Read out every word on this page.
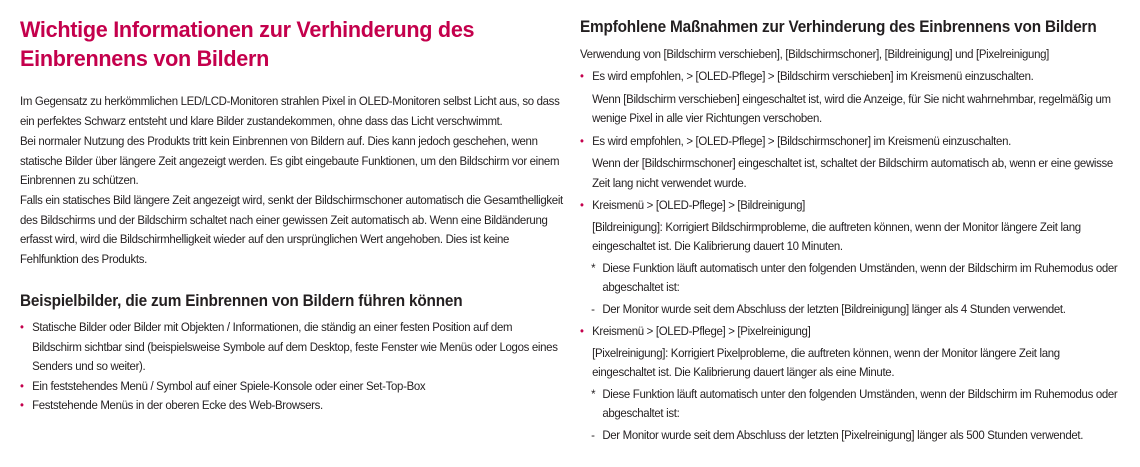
Wichtige Informationen zur Verhinderung des Einbrennens von Bildern
Im Gegensatz zu herkömmlichen LED/LCD-Monitoren strahlen Pixel in OLED-Monitoren selbst Licht aus, so dass ein perfektes Schwarz entsteht und klare Bilder zustandekommen, ohne dass das Licht verschwimmt.
Bei normaler Nutzung des Produkts tritt kein Einbrennen von Bildern auf. Dies kann jedoch geschehen, wenn statische Bilder über längere Zeit angezeigt werden. Es gibt eingebaute Funktionen, um den Bildschirm vor einem Einbrennen zu schützen.
Falls ein statisches Bild längere Zeit angezeigt wird, senkt der Bildschirmschoner automatisch die Gesamthelligkeit des Bildschirms und der Bildschirm schaltet nach einer gewissen Zeit automatisch ab. Wenn eine Bildänderung erfasst wird, wird die Bildschirmhelligkeit wieder auf den ursprünglichen Wert angehoben. Dies ist keine Fehlfunktion des Produkts.
Beispielbilder, die zum Einbrennen von Bildern führen können
• Statische Bilder oder Bilder mit Objekten / Informationen, die ständig an einer festen Position auf dem Bildschirm sichtbar sind (beispielsweise Symbole auf dem Desktop, feste Fenster wie Menüs oder Logos eines Senders und so weiter).
• Ein feststehendes Menü / Symbol auf einer Spiele-Konsole oder einer Set-Top-Box
• Feststehende Menüs in der oberen Ecke des Web-Browsers.
Empfohlene Maßnahmen zur Verhinderung des Einbrennens von Bildern
Verwendung von [Bildschirm verschieben], [Bildschirmschoner], [Bildreinigung] und [Pixelreinigung]
• Es wird empfohlen, > [OLED-Pflege] > [Bildschirm verschieben] im Kreismenü einzuschalten.
Wenn [Bildschirm verschieben] eingeschaltet ist, wird die Anzeige, für Sie nicht wahrnehmbar, regelmäßig um wenige Pixel in alle vier Richtungen verschoben.
• Es wird empfohlen, > [OLED-Pflege] > [Bildschirmschoner] im Kreismenü einzuschalten.
Wenn der [Bildschirmschoner] eingeschaltet ist, schaltet der Bildschirm automatisch ab, wenn er eine gewisse Zeit lang nicht verwendet wurde.
• Kreismenü > [OLED-Pflege] > [Bildreinigung]
[Bildreinigung]: Korrigiert Bildschirmprobleme, die auftreten können, wenn der Monitor längere Zeit lang eingeschaltet ist. Die Kalibrierung dauert 10 Minuten.
* Diese Funktion läuft automatisch unter den folgenden Umständen, wenn der Bildschirm im Ruhemodus oder abgeschaltet ist:
- Der Monitor wurde seit dem Abschluss der letzten [Bildreinigung] länger als 4 Stunden verwendet.
• Kreismenü > [OLED-Pflege] > [Pixelreinigung]
[Pixelreinigung]: Korrigiert Pixelprobleme, die auftreten können, wenn der Monitor längere Zeit lang eingeschaltet ist. Die Kalibrierung dauert länger als eine Minute.
* Diese Funktion läuft automatisch unter den folgenden Umständen, wenn der Bildschirm im Ruhemodus oder abgeschaltet ist:
- Der Monitor wurde seit dem Abschluss der letzten [Pixelreinigung] länger als 500 Stunden verwendet.
